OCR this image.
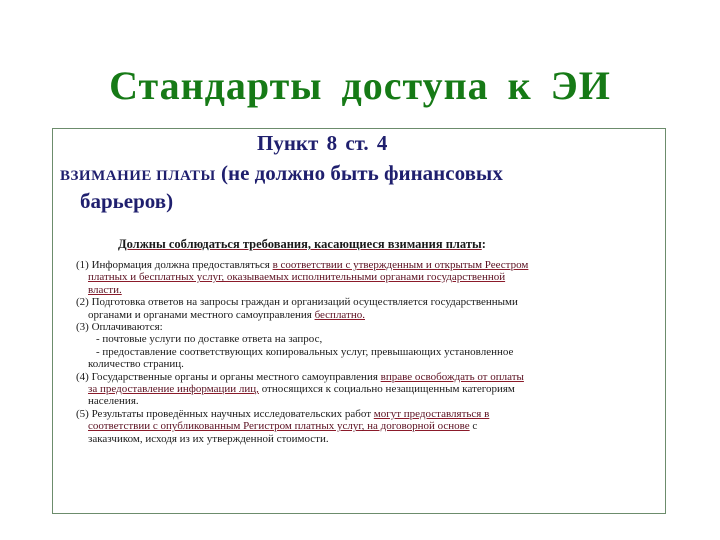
Стандарты доступа к ЭИ
Пункт 8 ст. 4
ВЗИМАНИЕ ПЛАТЫ (не должно быть финансовых
барьеров)
Должны соблюдаться требования, касающиеся взимания платы:

(1) Информация должна предоставляться в соответствии с утвержденным и открытым Реестром

платных и бесплатных услуг, оказываемых исполнительными органами государственной

власти.

(2) Подготовка ответов на запросы граждан и организаций осуществляется государственными

органами и органами местного самоуправления бесплатно.

(3) Оплачиваются:

- почтовые услуги по доставке ответа на запрос,

- предоставление соответствующих копировальных услуг, превышающих установленное

количество страниц.

(4) Государственные органы и органы местного самоуправления вправе освобождать от оплаты

за предоставление информации лиц, относящихся к социально незащищенным категориям

населения.

(5) Результаты проведённых научных исследовательских работ могут предоставляться в

соответствии с опубликованным Регистром платных услуг, на договорной основе с

заказчиком, исходя из их утвержденной стоимости.
